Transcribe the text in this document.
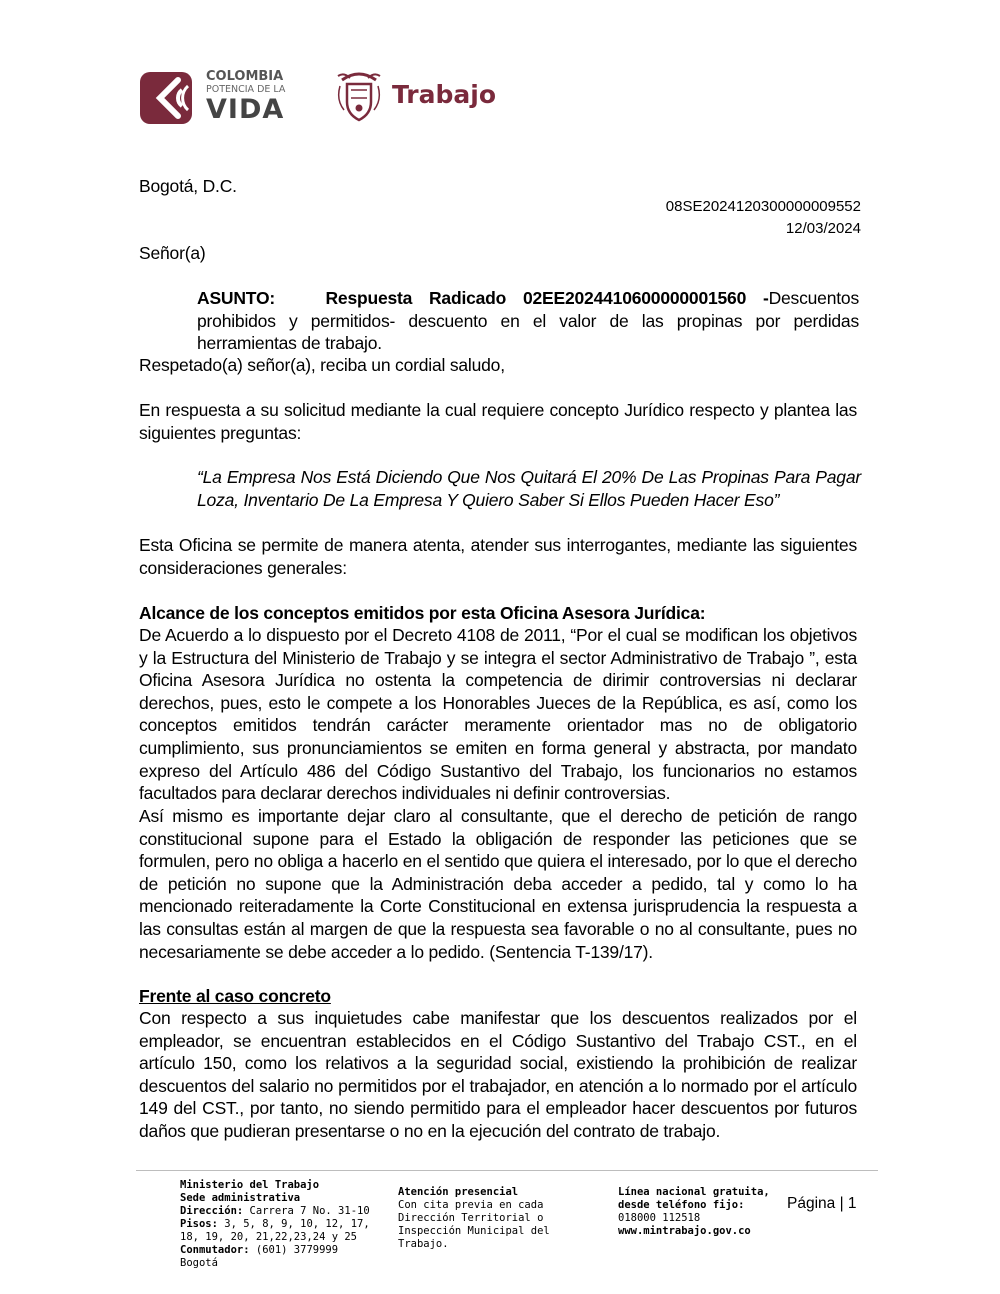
COLOMBIA
POTENCIA DE LA
VIDA	Trabajo
Bogotá, D.C.
08SE2024120300000009552
12/03/2024
Señor(a)
ASUNTO:	Respuesta Radicado 02EE2024410600000001560 -Descuentos prohibidos y permitidos- descuento en el valor de las propinas por perdidas herramientas de trabajo.
Respetado(a) señor(a), reciba un cordial saludo,
En respuesta a su solicitud mediante la cual requiere concepto Jurídico respecto y plantea las siguientes preguntas:
“La Empresa Nos Está Diciendo Que Nos Quitará El 20% De Las Propinas Para Pagar Loza, Inventario De La Empresa Y Quiero Saber Si Ellos Pueden Hacer Eso”
Esta Oficina se permite de manera atenta, atender sus interrogantes, mediante las siguientes consideraciones generales:
Alcance de los conceptos emitidos por esta Oficina Asesora Jurídica:
De Acuerdo a lo dispuesto por el Decreto 4108 de 2011, “Por el cual se modifican los objetivos y la Estructura del Ministerio de Trabajo y se integra el sector Administrativo de Trabajo ”, esta Oficina Asesora Jurídica no ostenta la competencia de dirimir controversias ni declarar derechos, pues, esto le compete a los Honorables Jueces de la República, es así, como los conceptos emitidos tendrán carácter meramente orientador mas no de obligatorio cumplimiento, sus pronunciamientos se emiten en forma general y abstracta, por mandato expreso del Artículo 486 del Código Sustantivo del Trabajo, los funcionarios no estamos facultados para declarar derechos individuales ni definir controversias.
Así mismo es importante dejar claro al consultante, que el derecho de petición de rango constitucional supone para el Estado la obligación de responder las peticiones que se formulen, pero no obliga a hacerlo en el sentido que quiera el interesado, por lo que el derecho de petición no supone que la Administración deba acceder a pedido, tal y como lo ha mencionado reiteradamente la Corte Constitucional en extensa jurisprudencia la respuesta a las consultas están al margen de que la respuesta sea favorable o no al consultante, pues no necesariamente se debe acceder a lo pedido. (Sentencia T-139/17).
Frente al caso concreto
Con respecto a sus inquietudes cabe manifestar que los descuentos realizados por el empleador, se encuentran establecidos en el Código Sustantivo del Trabajo CST., en el artículo 150, como los relativos a la seguridad social, existiendo la prohibición de realizar descuentos del salario no permitidos por el trabajador, en atención a lo normado por el artículo 149 del CST., por tanto, no siendo permitido para el empleador hacer descuentos por futuros daños que pudieran presentarse o no en la ejecución del contrato de trabajo.
Ministerio del Trabajo
Sede administrativa
Dirección: Carrera 7 No. 31-10
Pisos: 3, 5, 8, 9, 10, 12, 17, 18, 19, 20, 21,22,23,24 y 25
Conmutador: (601) 3779999
Bogotá
Atención presencial
Con cita previa en cada Dirección Territorial o Inspección Municipal del Trabajo.
Línea nacional gratuita, desde teléfono fijo:
018000 112518
www.mintrabajo.gov.co
Página | 1
